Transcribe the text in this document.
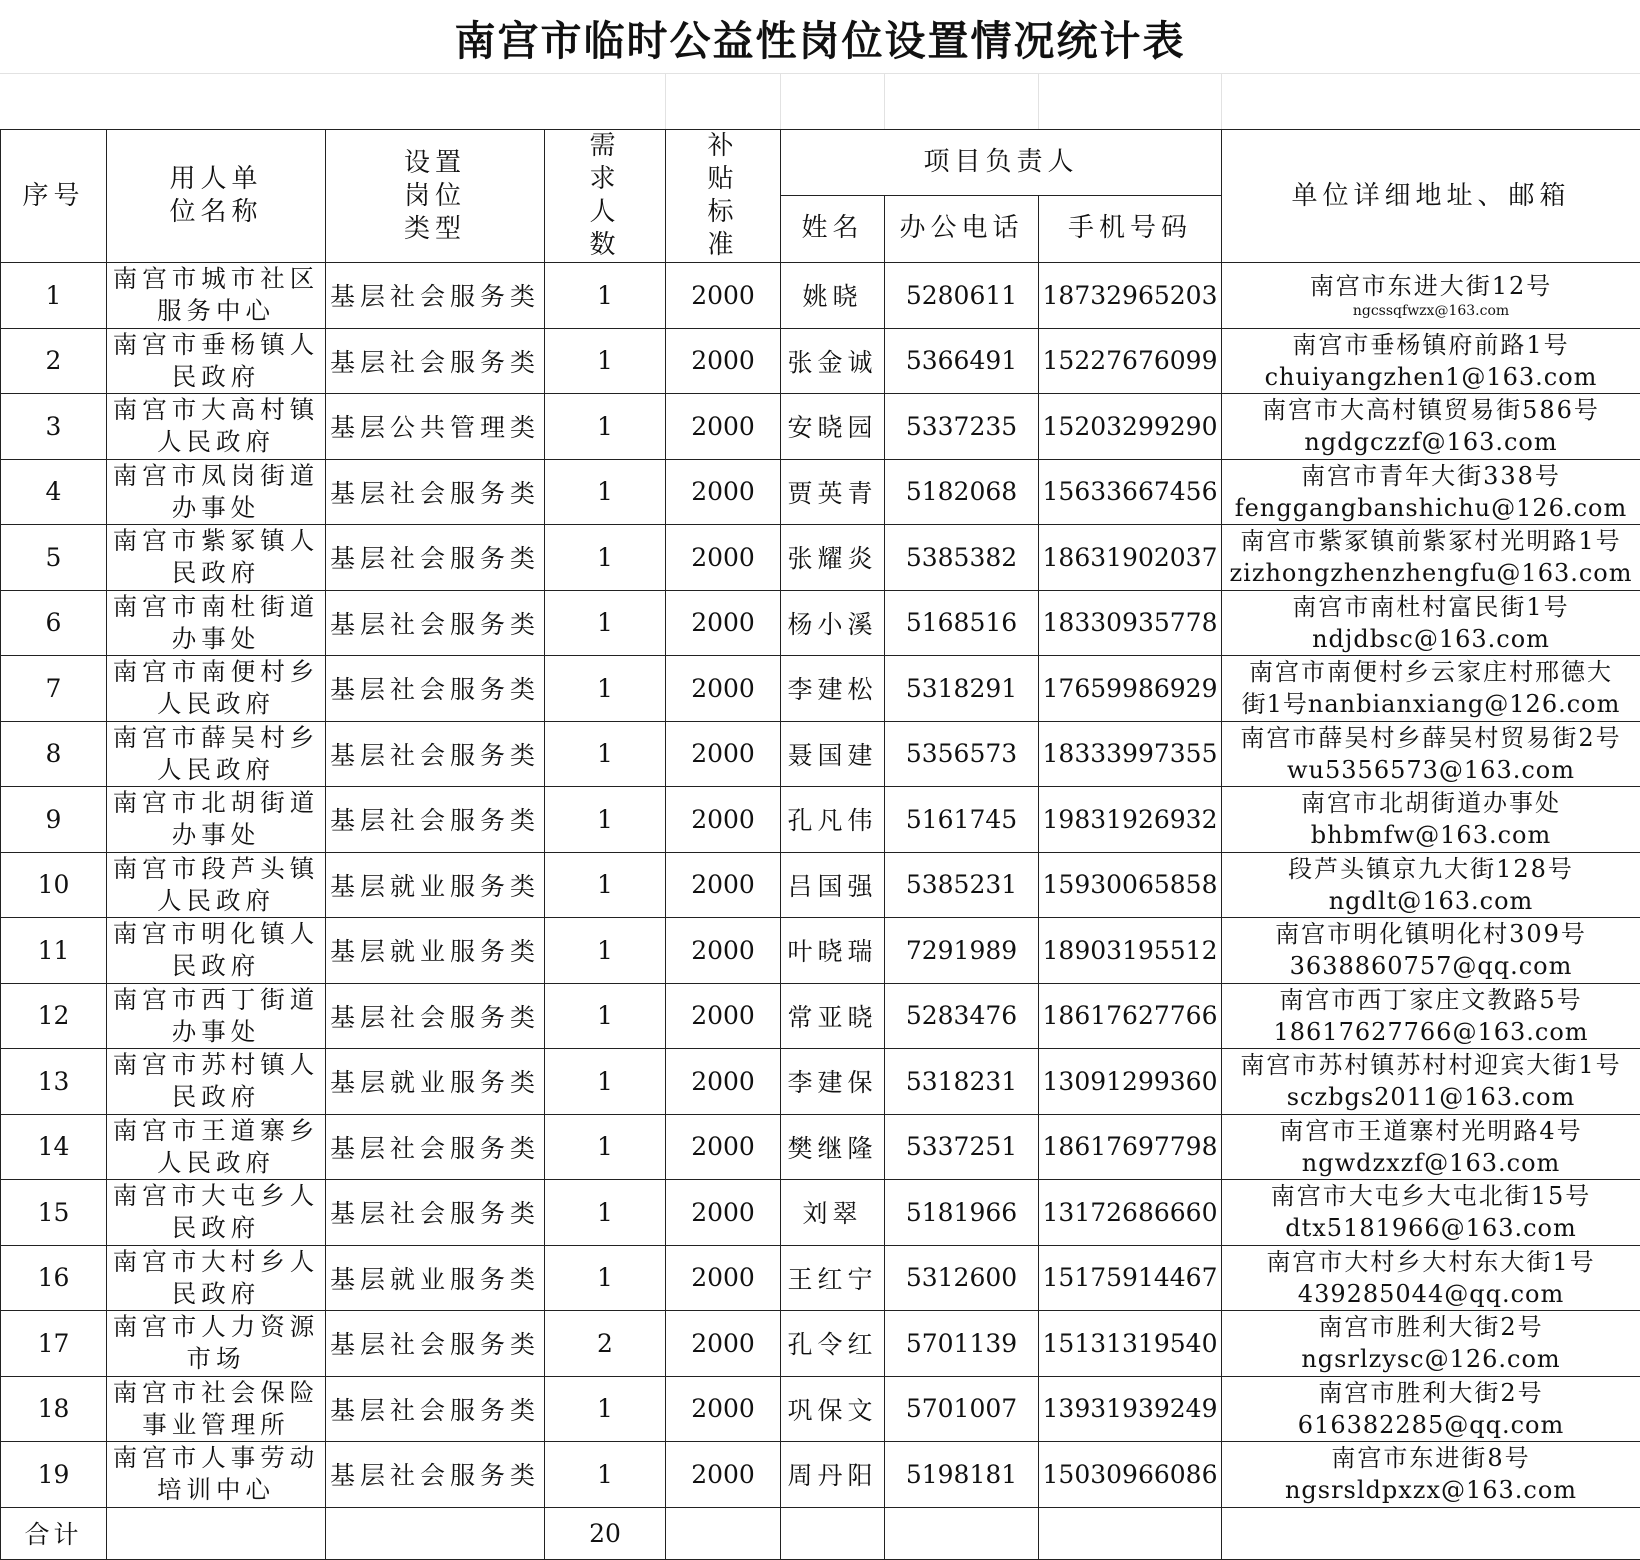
南宫市临时公益性岗位设置情况统计表
序号	用人单位名称	设置岗位类型	需求人数	补贴标准	项目负责人			单位详细地址、邮箱
					姓名	办公电话	手机号码	
1	南宫市城市社区服务中心	基层社会服务类	1	2000	姚晓	5280611	18732965203	南宫市东进大街12号
ngcssqfwzx@163.com

2	南宫市垂杨镇人民政府	基层社会服务类	1	2000	张金诚	5366491	15227676099	南宫市垂杨镇府前路1号
chuiyangzhen1@163.com

3	南宫市大高村镇人民政府	基层公共管理类	1	2000	安晓园	5337235	15203299290	南宫市大高村镇贸易街586号
ngdgczzf@163.com

4	南宫市凤岗街道办事处	基层社会服务类	1	2000	贾英青	5182068	15633667456	南宫市青年大街338号
fenggangbanshichu@126.com

5	南宫市紫冢镇人民政府	基层社会服务类	1	2000	张耀炎	5385382	18631902037	南宫市紫冢镇前紫冢村光明路1号
zizhongzhenzhengfu@163.com

6	南宫市南杜街道办事处	基层社会服务类	1	2000	杨小溪	5168516	18330935778	南宫市南杜村富民街1号
ndjdbsc@163.com

7	南宫市南便村乡人民政府	基层社会服务类	1	2000	李建松	5318291	17659986929	南宫市南便村乡云家庄村邢德大
街1号nanbianxiang@126.com

8	南宫市薛吴村乡人民政府	基层社会服务类	1	2000	聂国建	5356573	18333997355	南宫市薛吴村乡薛吴村贸易街2号
wu5356573@163.com

9	南宫市北胡街道办事处	基层社会服务类	1	2000	孔凡伟	5161745	19831926932	南宫市北胡街道办事处
bhbmfw@163.com

10	南宫市段芦头镇人民政府	基层就业服务类	1	2000	吕国强	5385231	15930065858	段芦头镇京九大街128号
ngdlt@163.com

11	南宫市明化镇人民政府	基层就业服务类	1	2000	叶晓瑞	7291989	18903195512	南宫市明化镇明化村309号
3638860757@qq.com

12	南宫市西丁街道办事处	基层社会服务类	1	2000	常亚晓	5283476	18617627766	南宫市西丁家庄文教路5号
18617627766@163.com

13	南宫市苏村镇人民政府	基层就业服务类	1	2000	李建保	5318231	13091299360	南宫市苏村镇苏村村迎宾大街1号
sczbgs2011@163.com

14	南宫市王道寨乡人民政府	基层社会服务类	1	2000	樊继隆	5337251	18617697798	南宫市王道寨村光明路4号
ngwdzxzf@163.com

15	南宫市大屯乡人民政府	基层社会服务类	1	2000	刘翠	5181966	13172686660	南宫市大屯乡大屯北街15号
dtx5181966@163.com

16	南宫市大村乡人民政府	基层就业服务类	1	2000	王红宁	5312600	15175914467	南宫市大村乡大村东大街1号
439285044@qq.com

17	南宫市人力资源市场	基层社会服务类	2	2000	孔令红	5701139	15131319540	南宫市胜利大街2号
ngsrlzysc@126.com

18	南宫市社会保险事业管理所	基层社会服务类	1	2000	巩保文	5701007	13931939249	南宫市胜利大街2号
616382285@qq.com

19	南宫市人事劳动培训中心	基层社会服务类	1	2000	周丹阳	5198181	15030966086	南宫市东进街8号
ngsrsldpxzx@163.com

合计			20					
